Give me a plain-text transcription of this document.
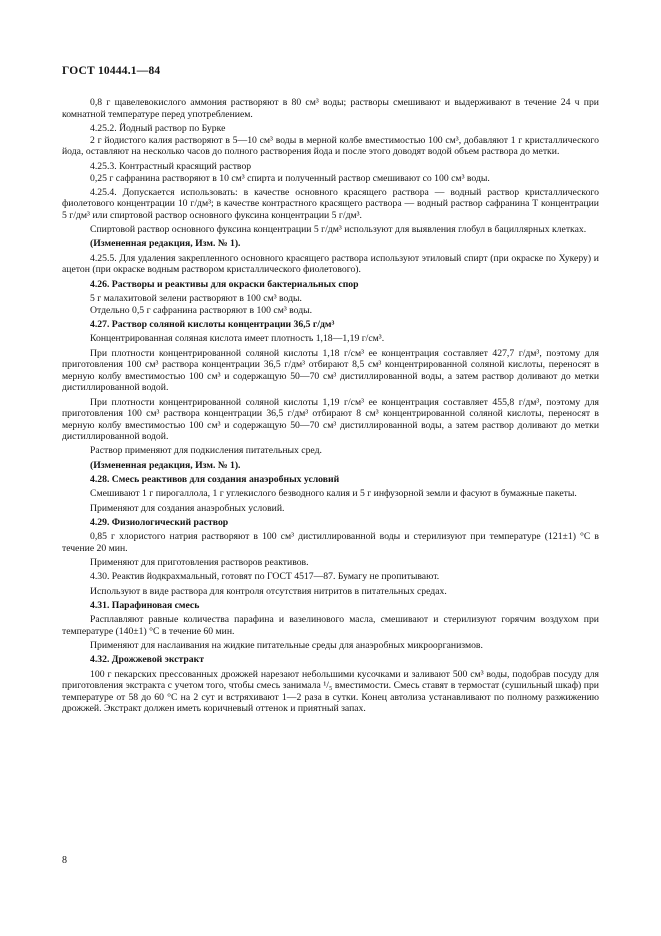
ГОСТ 10444.1—84

0,8 г щавелевокислого аммония растворяют в 80 см³ воды; растворы смешивают и выдерживают в течение 24 ч при комнатной температуре перед употреблением.

4.25.2. Йодный раствор по Бурке

2 г йодистого калия растворяют в 5—10 см³ воды в мерной колбе вместимостью 100 см³, добавляют 1 г кристаллического йода, оставляют на несколько часов до полного растворения йода и после этого доводят водой объем раствора до метки.

4.25.3. Контрастный красящий раствор

0,25 г сафранина растворяют в 10 см³ спирта и полученный раствор смешивают со 100 см³ воды.

4.25.4. Допускается использовать: в качестве основного красящего раствора — водный раствор кристаллического фиолетового концентрации 10 г/дм³; в качестве контрастного красящего раствора — водный раствор сафранина Т концентрации 5 г/дм³ или спиртовой раствор основного фуксина концентрации 5 г/дм³.

Спиртовой раствор основного фуксина концентрации 5 г/дм³ используют для выявления глобул в бациллярных клетках.

(Измененная редакция, Изм. № 1).

4.25.5. Для удаления закрепленного основного красящего раствора используют этиловый спирт (при окраске по Хукеру) и ацетон (при окраске водным раствором кристаллического фиолетового).

4.26. Растворы и реактивы для окраски бактериальных спор

5 г малахитовой зелени растворяют в 100 см³ воды.

Отдельно 0,5 г сафранина растворяют в 100 см³ воды.

4.27. Раствор соляной кислоты концентрации 36,5 г/дм³

Концентрированная соляная кислота имеет плотность 1,18—1,19 г/см³.

При плотности концентрированной соляной кислоты 1,18 г/см³ ее концентрация составляет 427,7 г/дм³, поэтому для приготовления 100 см³ раствора концентрации 36,5 г/дм³ отбирают 8,5 см³ концентрированной соляной кислоты, переносят в мерную колбу вместимостью 100 см³ и содержащую 50—70 см³ дистиллированной воды, а затем раствор доливают до метки дистиллированной водой.

При плотности концентрированной соляной кислоты 1,19 г/см³ ее концентрация составляет 455,8 г/дм³, поэтому для приготовления 100 см³ раствора концентрации 36,5 г/дм³ отбирают 8 см³ концентрированной соляной кислоты, переносят в мерную колбу вместимостью 100 см³ и содержащую 50—70 см³ дистиллированной воды, а затем раствор доливают до метки дистиллированной водой.

Раствор применяют для подкисления питательных сред.

(Измененная редакция, Изм. № 1).

4.28. Смесь реактивов для создания анаэробных условий

Смешивают 1 г пирогаллола, 1 г углекислого безводного калия и 5 г инфузорной земли и фасуют в бумажные пакеты.

Применяют для создания анаэробных условий.

4.29. Физиологический раствор

0,85 г хлористого натрия растворяют в 100 см³ дистиллированной воды и стерилизуют при температуре (121±1) °С в течение 20 мин.

Применяют для приготовления растворов реактивов.

4.30. Реактив йодкрахмальный, готовят по ГОСТ 4517—87. Бумагу не пропитывают.

Используют в виде раствора для контроля отсутствия нитритов в питательных средах.

4.31. Парафиновая смесь

Расплавляют равные количества парафина и вазелинового масла, смешивают и стерилизуют горячим воздухом при температуре (140±1) °С в течение 60 мин.

Применяют для наслаивания на жидкие питательные среды для анаэробных микроорганизмов.

4.32. Дрожжевой экстракт

100 г пекарских прессованных дрожжей нарезают небольшими кусочками и заливают 500 см³ воды, подобрав посуду для приготовления экстракта с учетом того, чтобы смесь занимала ¹/₅ вместимости. Смесь ставят в термостат (сушильный шкаф) при температуре от 58 до 60 °С на 2 сут и встряхивают 1—2 раза в сутки. Конец автолиза устанавливают по полному разжижению дрожжей. Экстракт должен иметь коричневый оттенок и приятный запах.

8
